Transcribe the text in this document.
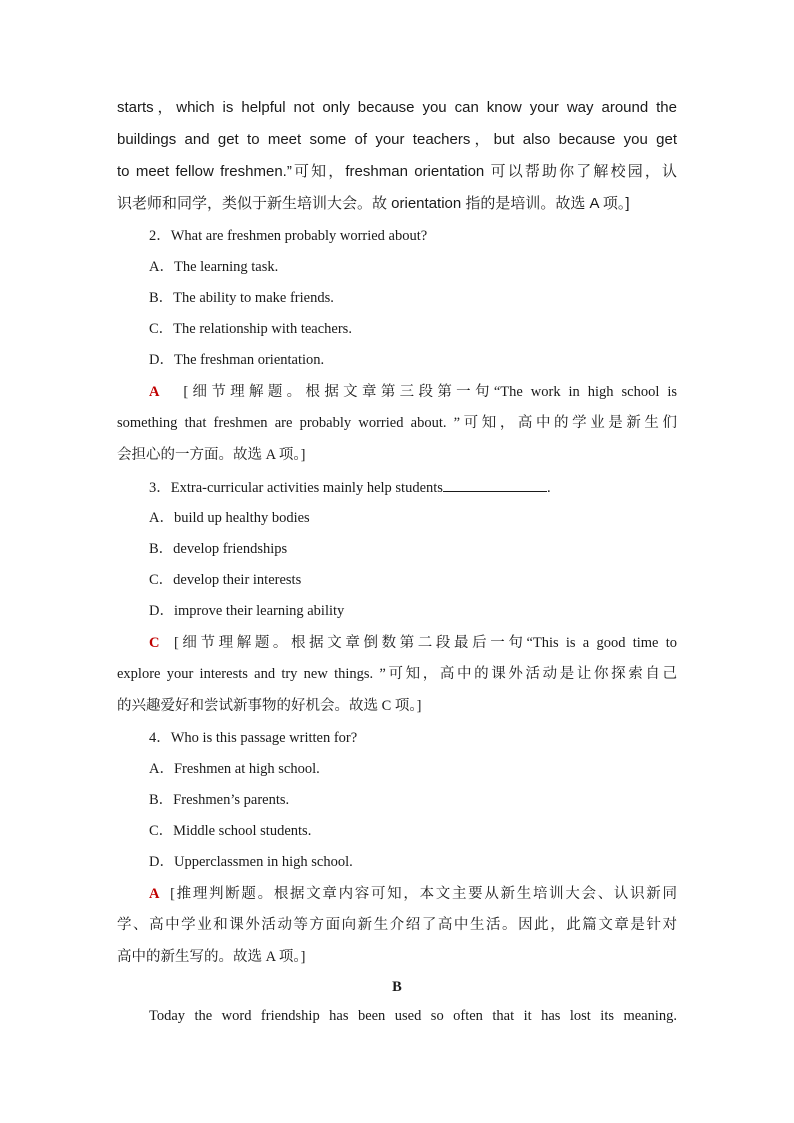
starts，which is helpful not only because you can know your way around the
buildings and get to meet some of your teachers，but also because you get
to meet fellow freshmen.”可知，freshman orientation 可以帮助你了解校园，认
识老师和同学，类似于新生培训大会。故 orientation 指的是培训。故选 A 项。]
2．What are freshmen probably worried about?
A．The learning task.
B．The ability to make friends.
C．The relationship with teachers.
D．The freshman orientation.
A [细节理解题。根据文章第三段第一句“The work in high school is
something that freshmen are probably worried about. ”可知，高中的学业是新生们
会担心的一方面。故选 A 项。]
3．Extra-curricular activities mainly help students	.
A．build up healthy bodies
B．develop friendships
C．develop their interests
D．improve their learning ability
C [细节理解题。根据文章倒数第二段最后一句“This is a good time to
explore your interests and try new things. ”可知，高中的课外活动是让你探索自己
的兴趣爱好和尝试新事物的好机会。故选 C 项。]
4．Who is this passage written for?
A．Freshmen at high school.
B．Freshmen’s parents.
C．Middle school students.
D．Upperclassmen in high school.
A [推理判断题。根据文章内容可知，本文主要从新生培训大会、认识新同
学、高中学业和课外活动等方面向新生介绍了高中生活。因此，此篇文章是针对
高中的新生写的。故选 A 项。]
B
Today the word friendship has been used so often that it has lost its meaning.
